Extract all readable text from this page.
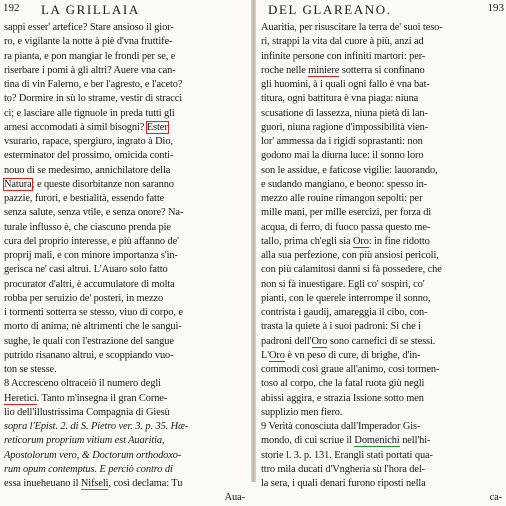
192 LA GRILLAIA
sappi esser' artefice? Stare ansioso il gior-
ro, e vigilante la notte à piè d'vna fruttife-
ra pianta, e pon mangiar le frondi per se, e
riserbare i pomi à gli altri? Auere vna can-
tina di vin Falerno, e ber l'agresto, e l'aceto?
to? Dormire in sù lo strame, vestir di stracci
ci; e lasciare alle tignuole in preda tutti gli
arnesi accomodati à simil bisogni? Ester
vsurario, rapace, spergiuro, ingrato à Dio,
esterminator del prossimo, omicida conti-
nouo di se medesimo, annichilatore della
Natura; e queste disorbitanze non saranno
pazzie, furori, e bestialità, essendo fatte
senza salute, senza vtile, e senza onore? Na-
turale influsso è, che ciascuno prenda pie
cura del proprio interesse, e più affanno de'
proprij mali, e con minore importanza s'in-
gerisca ne' casi altrui. L'Auaro solo fatto
procurator d'altri, è accumulatore di molta
robba per seruizio de' posteri, in mezzo
i tormenti sotterra se stesso, viuo di corpo, e
morto di anima; nè altrimenti che le sangui-
sughe, le quali con l'estrazione del sangue
putrido risanano altrui, e scoppiando vuo-
ton se stesse.
8 Accresceno oltraceiò il numero degli
Heretici. Tanto m'insegna il gran Corne-
lio dell'illustrissima Compagnia di Giesù
sopra l'Epist. 2. di S. Pietro ver. 3. p. 35. Hæ-
reticorum proprium vitium est Auaritia,
Apostolorum vero, & Doctorum orthodoxo-
rum opum contemptus. E perciò contro di
essa inueheuano il Nifseli, così declama: Tu
Aua-
DEL GLAREANO.	193
Auaritia, per risuscitare la terra de' suoi teso-
ri, strappi la vita dal cuore à più, anzi ad
infinite persone con infiniti martori: per-
roche nelle miniere sotterra si confinano
gli huomini, à i quali ogni fallo è vna bat-
titura, ogni battitura è vna piaga: niuna
scusatione di lassezza, niuna pietà di lan-
guori, niuna ragione d'impossibilità vien-
lor' ammessa da i rigidi soprastanti: non
godono mai la diurna luce: il sonno loro
son le assidue, e faticose vigilie: lauorando,
e sudando mangiano, e beono: spesso in-
mezzo alle rouine rimangon sepolti: per
mille mani, per mille esercizi, per forza di
acqua, di ferro, di fuoco passa questo me-
tallo, prima ch'egli sia Oro: in fine ridotto
alla sua perfezione, con più ansiosi pericoli,
con più calamitosi danni si fà possedere, che
non si fà inuestigare. Egli co' sospiri, co'
pianti, con le querele interrompe il sonno,
contrista i gaudij, amareggia il cibo, con-
trasta la quiete à i suoi padroni: Sì che i
padroni dell'Oro sono carnefici di se stessi.
L'Oro è vn peso di cure, di brighe, d'in-
commodi così graue all'animo, così tormen-
toso al corpo, che la fatal ruota giù negli
abissi aggira, e strazia Issione sotto men
supplizio men fiero.
9 Verità conosciuta dall'Imperador Gis-
mondo, di cui scriue il Domenichi nell'hi-
storie l. 3. p. 131. Erangli stati portati qua-
ttro mila ducati d'Vngheria sù l'hora del-
la sera, i quali denari furono riposti nella
ca-
